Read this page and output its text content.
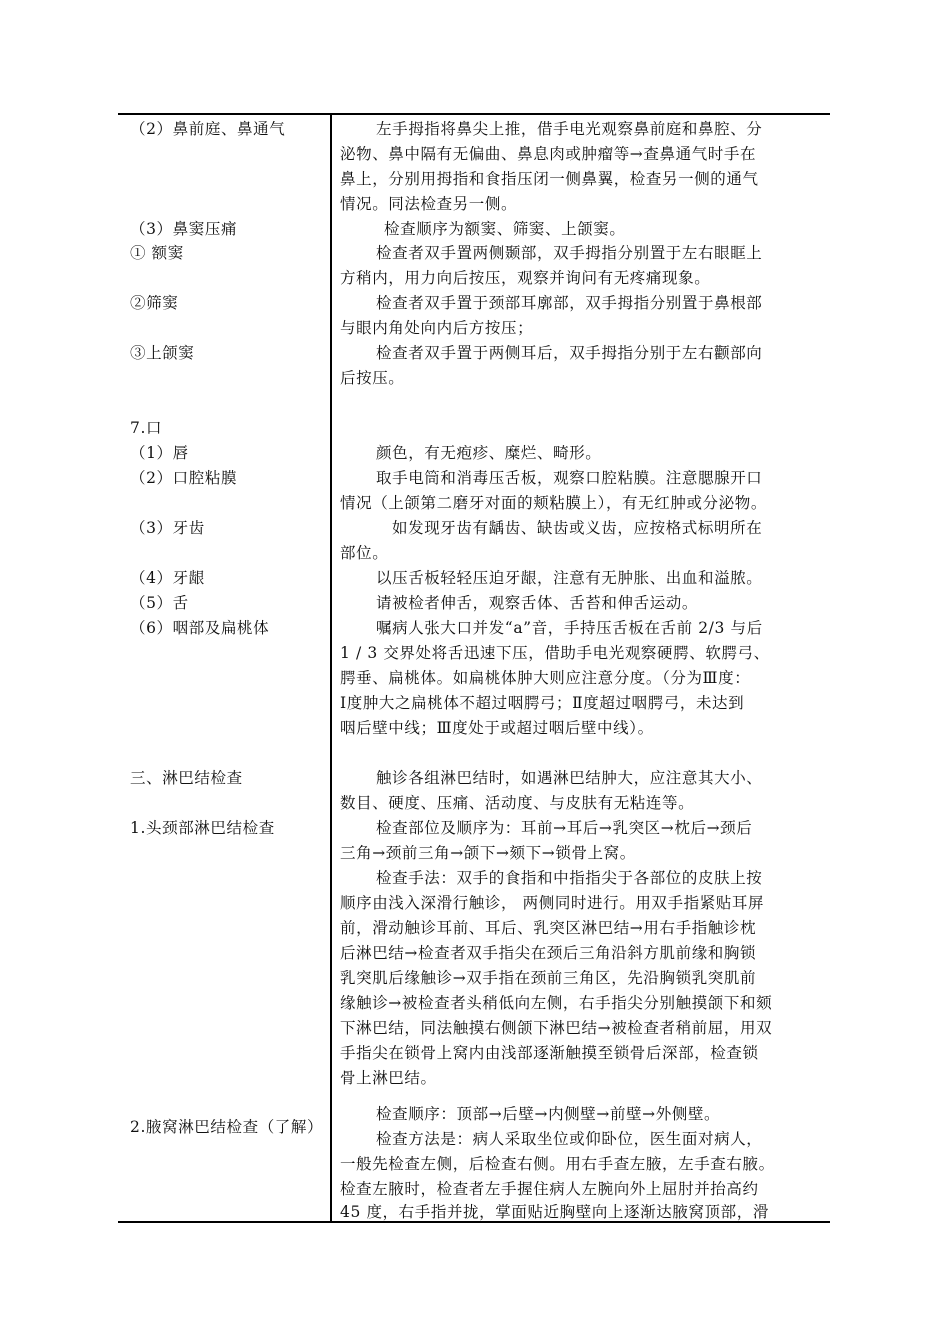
（2）鼻前庭、鼻通气
（3）鼻窦压痛
① 额窦
②筛窦
③上颌窦
7.口
（1）唇
（2）口腔粘膜
（3）牙齿
（4）牙龈
（5）舌
（6）咽部及扁桃体
三、淋巴结检查
1.头颈部淋巴结检查
2.腋窝淋巴结检查（了解）
左手拇指将鼻尖上推，借手电光观察鼻前庭和鼻腔、分
泌物、鼻中隔有无偏曲、鼻息肉或肿瘤等→查鼻通气时手在
鼻上，分别用拇指和食指压闭一侧鼻翼，检查另一侧的通气
情况。同法检查另一侧。
检查顺序为额窦、筛窦、上颌窦。
检查者双手置两侧颞部，双手拇指分别置于左右眼眶上
方稍内，用力向后按压，观察并询问有无疼痛现象。
检查者双手置于颈部耳廓部，双手拇指分别置于鼻根部
与眼内角处向内后方按压；
检查者双手置于两侧耳后，双手拇指分别于左右颧部向
后按压。
颜色，有无疱疹、糜烂、畸形。
取手电筒和消毒压舌板，观察口腔粘膜。注意腮腺开口
情况（上颌第二磨牙对面的颊粘膜上），有无红肿或分泌物。
如发现牙齿有龋齿、缺齿或义齿，应按格式标明所在
部位。
以压舌板轻轻压迫牙龈，注意有无肿胀、出血和溢脓。
请被检者伸舌，观察舌体、舌苔和伸舌运动。
嘱病人张大口并发“a”音，手持压舌板在舌前 2/3 与后
1 / 3 交界处将舌迅速下压，借助手电光观察硬腭、软腭弓、
腭垂、扁桃体。如扁桃体肿大则应注意分度。（分为Ⅲ度：
Ⅰ度肿大之扁桃体不超过咽腭弓；Ⅱ度超过咽腭弓，未达到
咽后壁中线；Ⅲ度处于或超过咽后壁中线）。
触诊各组淋巴结时，如遇淋巴结肿大，应注意其大小、
数目、硬度、压痛、活动度、与皮肤有无粘连等。
检查部位及顺序为：耳前→耳后→乳突区→枕后→颈后
三角→颈前三角→颌下→颏下→锁骨上窝。
检查手法：双手的食指和中指指尖于各部位的皮肤上按
顺序由浅入深滑行触诊， 两侧同时进行。用双手指紧贴耳屏
前，滑动触诊耳前、耳后、乳突区淋巴结→用右手指触诊枕
后淋巴结→检查者双手指尖在颈后三角沿斜方肌前缘和胸锁
乳突肌后缘触诊→双手指在颈前三角区，先沿胸锁乳突肌前
缘触诊→被检查者头稍低向左侧，右手指尖分别触摸颌下和颏
下淋巴结，同法触摸右侧颌下淋巴结→被检查者稍前屈，用双
手指尖在锁骨上窝内由浅部逐渐触摸至锁骨后深部，检查锁
骨上淋巴结。
检查顺序：顶部→后壁→内侧壁→前壁→外侧壁。
检查方法是：病人采取坐位或仰卧位，医生面对病人，
一般先检查左侧，后检查右侧。用右手查左腋，左手查右腋。
检查左腋时，检查者左手握住病人左腕向外上屈肘并抬高约
45 度，右手指并拢，掌面贴近胸壁向上逐渐达腋窝顶部，滑
